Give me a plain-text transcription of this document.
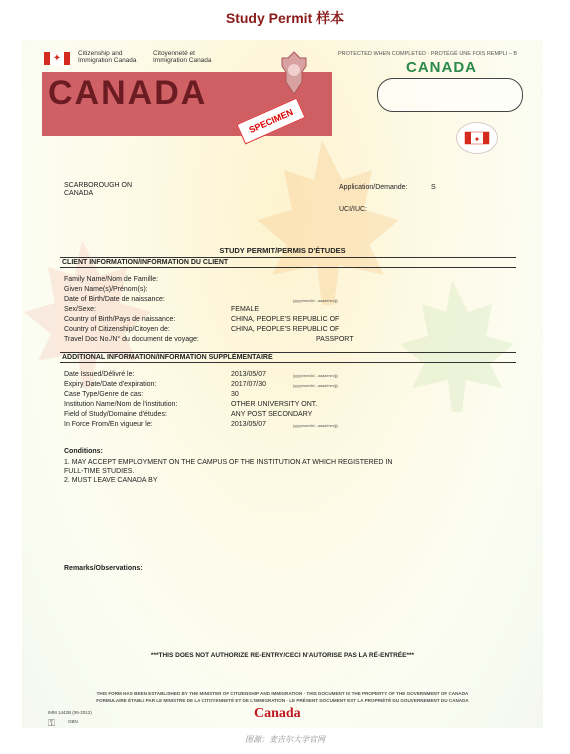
Study Permit 样本
✦	Citizenship and
Immigration Canada
Citoyenneté et
Immigration Canada
CANADA
SPECIMEN
PROTECTED WHEN COMPLETED · PROTÉGÉ UNE FOIS REMPLI – B
CANADA
✦
SCARBOROUGH ON
CANADA
Application/Demande:	S
UCI/IUC:
STUDY PERMIT/PERMIS D'ÉTUDES
CLIENT INFORMATION/INFORMATION DU CLIENT
Family Name/Nom de Famille:
Given Name(s)/Prénom(s):
Date of Birth/Date de naissance:	(yyyy/mm/dd - aaaa/mm/jj)
Sex/Sexe:	FEMALE
Country of Birth/Pays de naissance:	CHINA, PEOPLE'S REPUBLIC OF
Country of Citizenship/Citoyen de:	CHINA, PEOPLE'S REPUBLIC OF
Travel Doc No./N° du document de voyage:	PASSPORT
ADDITIONAL INFORMATION/INFORMATION SUPPLÉMENTAIRE
Date Issued/Délivré le:	2013/05/07	(yyyy/mm/dd - aaaa/mm/jj)
Expiry Date/Date d'expiration:	2017/07/30	(yyyy/mm/dd - aaaa/mm/jj)
Case Type/Genre de cas:	30
Institution Name/Nom de l'institution:	OTHER UNIVERSITY ONT.
Field of Study/Domaine d'études:	ANY POST SECONDARY
In Force From/En vigueur le:	2013/05/07	(yyyy/mm/dd - aaaa/mm/jj)
Conditions:
1. MAY ACCEPT EMPLOYMENT ON THE CAMPUS OF THE INSTITUTION AT WHICH REGISTERED IN
FULL-TIME STUDIES.
2. MUST LEAVE CANADA BY
Remarks/Observations:
***THIS DOES NOT AUTHORIZE RE-ENTRY/CECI N'AUTORISE PAS LA RÉ-ENTRÉE***
THIS FORM HAS BEEN ESTABLISHED BY THE MINISTER OF CITIZENSHIP AND IMMIGRATION · THIS DOCUMENT IS THE PROPERTY OF THE GOVERNMENT OF CANADA
FORMULAIRE ÉTABLI PAR LE MINISTRE DE LA CITOYENNETÉ ET DE L'IMMIGRATION · LE PRÉSENT DOCUMENT EST LA PROPRIÉTÉ DU GOUVERNEMENT DU CANADA
IMM 1442B (06-2012)
⚿	OBN
Canada
图源：麦吉尔大学官网
